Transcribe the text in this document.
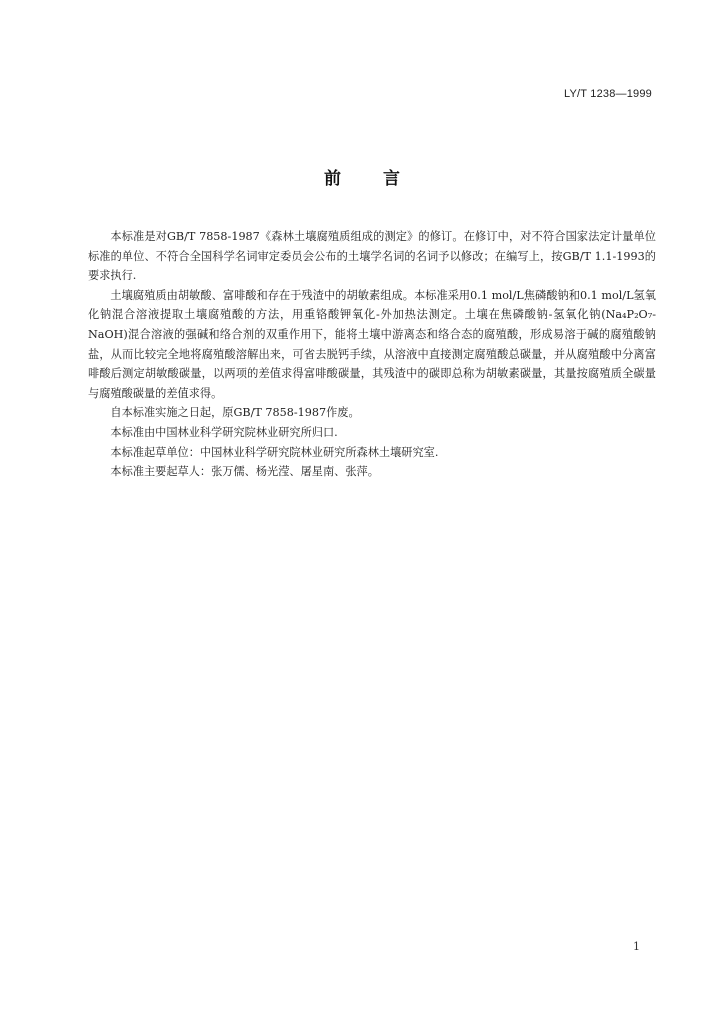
LY/T 1238—1999
前 言

本标准是对GB/T 7858-1987《森林土壤腐殖质组成的测定》的修订。在修订中，对不符合国家法定计量单位标准的单位、不符合全国科学名词审定委员会公布的土壤学名词的名词予以修改；在编写上，按GB/T 1.1-1993的要求执行.

土壤腐殖质由胡敏酸、富啡酸和存在于残渣中的胡敏素组成。本标准采用0.1 mol/L焦磷酸钠和0.1 mol/L氢氧化钠混合溶液提取土壤腐殖酸的方法，用重铬酸钾氧化-外加热法测定。土壤在焦磷酸钠-氢氧化钠(Na₄P₂O₇-NaOH)混合溶液的强碱和络合剂的双重作用下，能将土壤中游离态和络合态的腐殖酸，形成易溶于碱的腐殖酸钠盐，从而比较完全地将腐殖酸溶解出来，可省去脱钙手续，从溶液中直接测定腐殖酸总碳量，并从腐殖酸中分离富啡酸后测定胡敏酸碳量，以两项的差值求得富啡酸碳量，其残渣中的碳即总称为胡敏素碳量，其量按腐殖质全碳量与腐殖酸碳量的差值求得。

自本标准实施之日起，原GB/T 7858-1987作废。

本标准由中国林业科学研究院林业研究所归口.

本标准起草单位：中国林业科学研究院林业研究所森林土壤研究室.

本标准主要起草人：张万儒、杨光滢、屠星南、张萍。

1
